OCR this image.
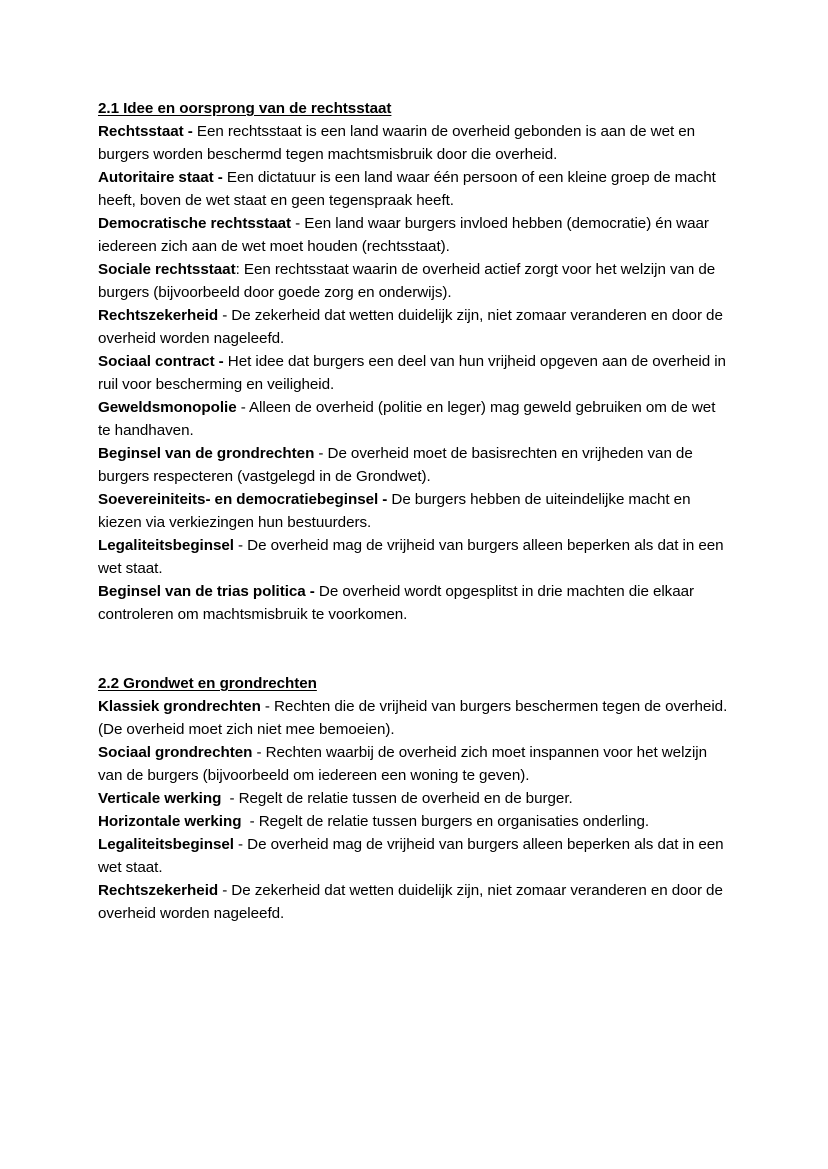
2.1 Idee en oorsprong van de rechtsstaat

Rechtsstaat - Een rechtsstaat is een land waarin de overheid gebonden is aan de wet en burgers worden beschermd tegen machtsmisbruik door die overheid.

Autoritaire staat - Een dictatuur is een land waar één persoon of een kleine groep de macht heeft, boven de wet staat en geen tegenspraak heeft.

Democratische rechtsstaat - Een land waar burgers invloed hebben (democratie) én waar iedereen zich aan de wet moet houden (rechtsstaat).

Sociale rechtsstaat: Een rechtsstaat waarin de overheid actief zorgt voor het welzijn van de burgers (bijvoorbeeld door goede zorg en onderwijs).

Rechtszekerheid - De zekerheid dat wetten duidelijk zijn, niet zomaar veranderen en door de overheid worden nageleefd.

Sociaal contract - Het idee dat burgers een deel van hun vrijheid opgeven aan de overheid in ruil voor bescherming en veiligheid.

Geweldsmonopolie - Alleen de overheid (politie en leger) mag geweld gebruiken om de wet te handhaven.

Beginsel van de grondrechten - De overheid moet de basisrechten en vrijheden van de burgers respecteren (vastgelegd in de Grondwet).

Soevereiniteits- en democratiebeginsel - De burgers hebben de uiteindelijke macht en kiezen via verkiezingen hun bestuurders.

Legaliteitsbeginsel - De overheid mag de vrijheid van burgers alleen beperken als dat in een wet staat.

Beginsel van de trias politica - De overheid wordt opgesplitst in drie machten die elkaar controleren om machtsmisbruik te voorkomen.

2.2 Grondwet en grondrechten

Klassiek grondrechten - Rechten die de vrijheid van burgers beschermen tegen de overheid. (De overheid moet zich niet mee bemoeien).

Sociaal grondrechten - Rechten waarbij de overheid zich moet inspannen voor het welzijn van de burgers (bijvoorbeeld om iedereen een woning te geven).

Verticale werking  - Regelt de relatie tussen de overheid en de burger.

Horizontale werking  - Regelt de relatie tussen burgers en organisaties onderling.

Legaliteitsbeginsel - De overheid mag de vrijheid van burgers alleen beperken als dat in een wet staat.

Rechtszekerheid - De zekerheid dat wetten duidelijk zijn, niet zomaar veranderen en door de overheid worden nageleefd.
